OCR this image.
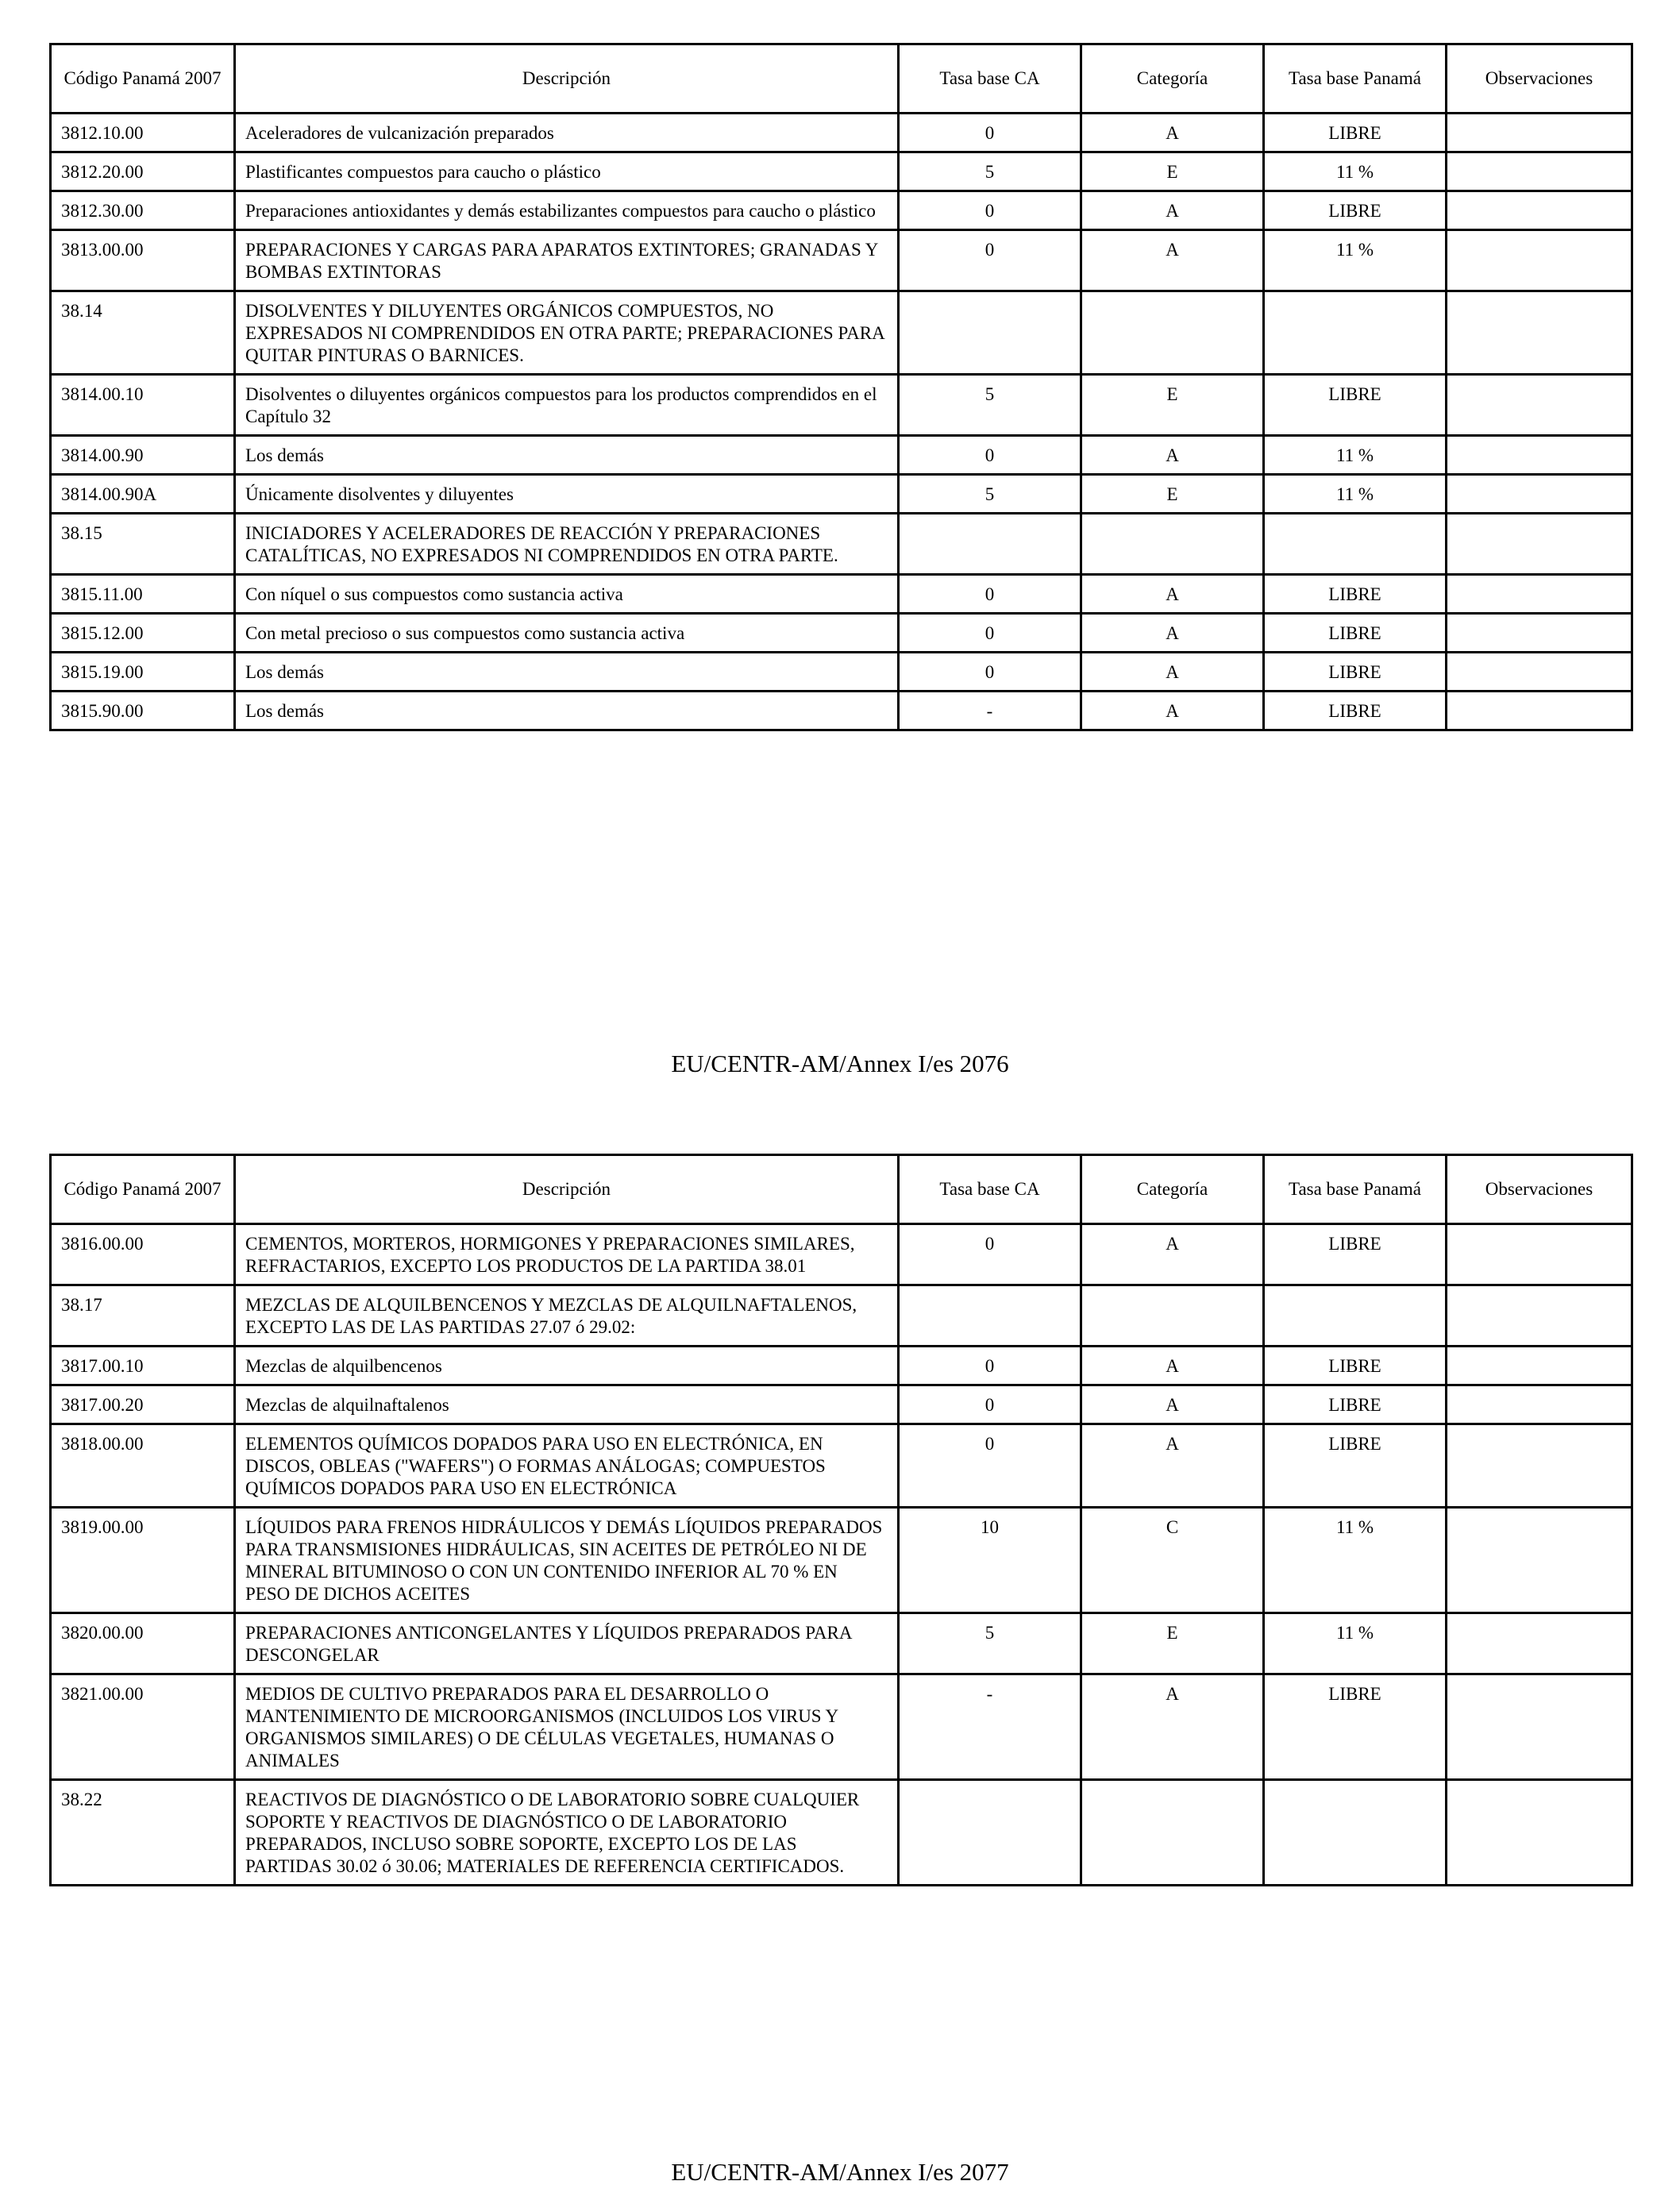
Código Panamá 2007	Descripción	Tasa base CA	Categoría	Tasa base Panamá	Observaciones
3812.10.00	Aceleradores de vulcanización preparados	0	A	LIBRE	
3812.20.00	Plastificantes compuestos para caucho o plástico	5	E	11 %	
3812.30.00	Preparaciones antioxidantes y demás estabilizantes compuestos para caucho o plástico	0	A	LIBRE	
3813.00.00	PREPARACIONES Y CARGAS PARA APARATOS EXTINTORES; GRANADAS Y BOMBAS EXTINTORAS	0	A	11 %	
38.14	DISOLVENTES Y DILUYENTES ORGÁNICOS COMPUESTOS, NO EXPRESADOS NI COMPRENDIDOS EN OTRA PARTE; PREPARACIONES PARA QUITAR PINTURAS O BARNICES.				
3814.00.10	Disolventes o diluyentes orgánicos compuestos para los productos comprendidos en el Capítulo 32	5	E	LIBRE	
3814.00.90	Los demás	0	A	11 %	
3814.00.90A	Únicamente disolventes y diluyentes	5	E	11 %	
38.15	INICIADORES Y ACELERADORES DE REACCIÓN Y PREPARACIONES CATALÍTICAS, NO EXPRESADOS NI COMPRENDIDOS EN OTRA PARTE.				
3815.11.00	Con níquel o sus compuestos como sustancia activa	0	A	LIBRE	
3815.12.00	Con metal precioso o sus compuestos como sustancia activa	0	A	LIBRE	
3815.19.00	Los demás	0	A	LIBRE	
3815.90.00	Los demás	-	A	LIBRE	
EU/CENTR-AM/Annex I/es 2076
Código Panamá 2007	Descripción	Tasa base CA	Categoría	Tasa base Panamá	Observaciones
3816.00.00	CEMENTOS, MORTEROS, HORMIGONES Y PREPARACIONES SIMILARES, REFRACTARIOS, EXCEPTO LOS PRODUCTOS DE LA PARTIDA 38.01	0	A	LIBRE	
38.17	MEZCLAS DE ALQUILBENCENOS Y MEZCLAS DE ALQUILNAFTALENOS, EXCEPTO LAS DE LAS PARTIDAS 27.07 ó 29.02:				
3817.00.10	Mezclas de alquilbencenos	0	A	LIBRE	
3817.00.20	Mezclas de alquilnaftalenos	0	A	LIBRE	
3818.00.00	ELEMENTOS QUÍMICOS DOPADOS PARA USO EN ELECTRÓNICA, EN DISCOS, OBLEAS ("WAFERS") O FORMAS ANÁLOGAS; COMPUESTOS QUÍMICOS DOPADOS PARA USO EN ELECTRÓNICA	0	A	LIBRE	
3819.00.00	LÍQUIDOS PARA FRENOS HIDRÁULICOS Y DEMÁS LÍQUIDOS PREPARADOS PARA TRANSMISIONES HIDRÁULICAS, SIN ACEITES DE PETRÓLEO NI DE MINERAL BITUMINOSO O CON UN CONTENIDO INFERIOR AL 70 % EN PESO DE DICHOS ACEITES	10	C	11 %	
3820.00.00	PREPARACIONES ANTICONGELANTES Y LÍQUIDOS PREPARADOS PARA DESCONGELAR	5	E	11 %	
3821.00.00	MEDIOS DE CULTIVO PREPARADOS PARA EL DESARROLLO O MANTENIMIENTO DE MICROORGANISMOS (INCLUIDOS LOS VIRUS Y ORGANISMOS SIMILARES) O DE CÉLULAS VEGETALES, HUMANAS O ANIMALES	-	A	LIBRE	
38.22	REACTIVOS DE DIAGNÓSTICO O DE LABORATORIO SOBRE CUALQUIER SOPORTE Y REACTIVOS DE DIAGNÓSTICO O DE LABORATORIO PREPARADOS, INCLUSO SOBRE SOPORTE, EXCEPTO LOS DE LAS PARTIDAS 30.02 ó 30.06; MATERIALES DE REFERENCIA CERTIFICADOS.				
EU/CENTR-AM/Annex I/es 2077
